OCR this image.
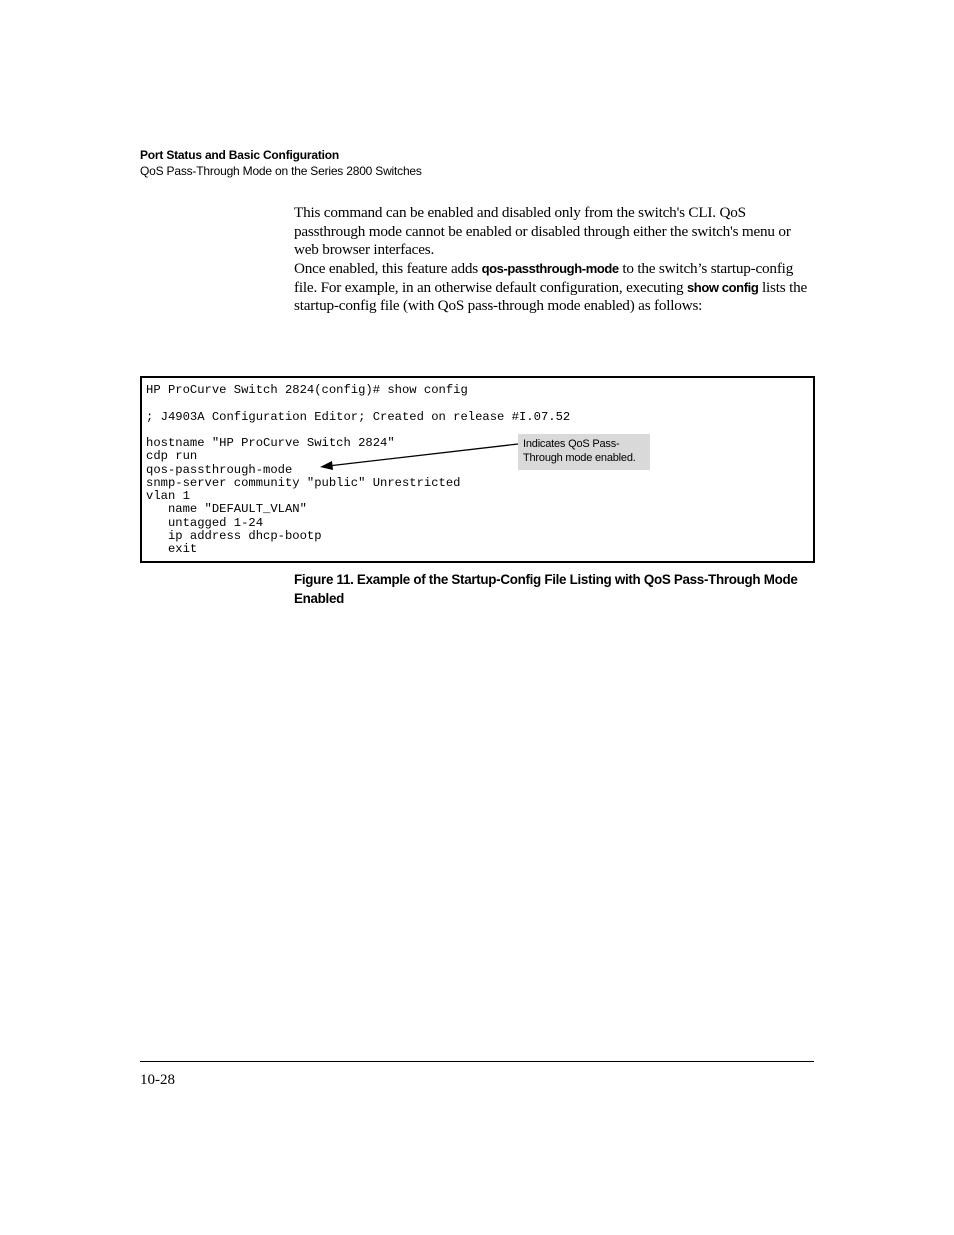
Port Status and Basic Configuration
QoS Pass-Through Mode on the Series 2800 Switches
This command can be enabled and disabled only from the switch's CLI. QoS passthrough mode cannot be enabled or disabled through either the switch's menu or web browser interfaces.
Once enabled, this feature adds qos-passthrough-mode to the switch’s startup-config file. For example, in an otherwise default configuration, executing show config lists the startup-config file (with QoS pass-through mode enabled) as follows:
HP ProCurve Switch 2824(config)# show config
; J4903A Configuration Editor; Created on release #I.07.52
hostname "HP ProCurve Switch 2824"
cdp run
qos-passthrough-mode
snmp-server community "public" Unrestricted
vlan 1
name "DEFAULT_VLAN"
untagged 1-24
ip address dhcp-bootp
exit
Indicates QoS Pass-
Through mode enabled.
Figure 11. Example of the Startup-Config File Listing with QoS Pass-Through Mode Enabled
10-28
